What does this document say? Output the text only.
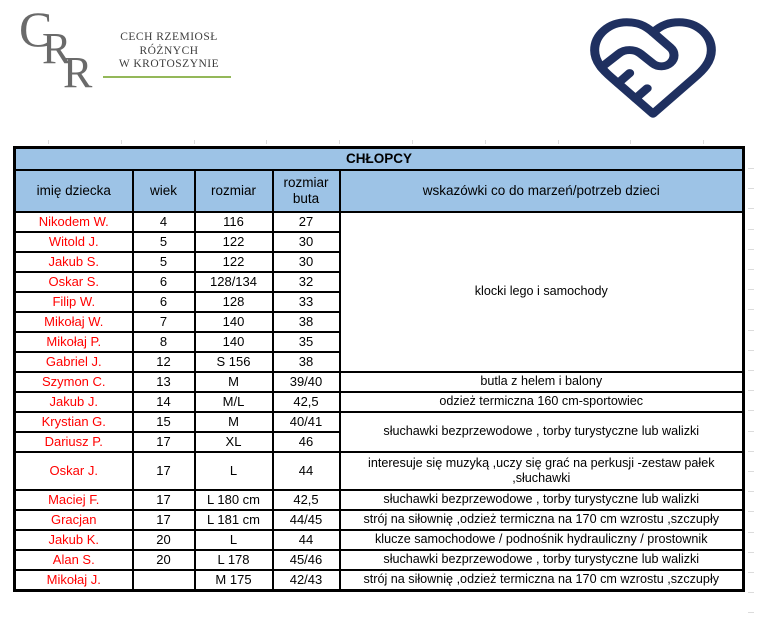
C
R
R
CECH RZEMIOSŁ
RÓŻNYCH
W KROTOSZYNIE
CHŁOPCY				
imię dziecka	wiek	rozmiar	rozmiar buta	wskazówki co do marzeń/potrzeb dzieci
Nikodem W.	4	116	27	klocki lego i samochody
Witold J.	5	122	30	
Jakub S.	5	122	30	
Oskar S.	6	128/134	32	
Filip W.	6	128	33	
Mikołaj W.	7	140	38	
Mikołaj P.	8	140	35	
Gabriel J.	12	S 156	38	
Szymon C.	13	M	39/40	butla z helem i balony
Jakub J.	14	M/L	42,5	odzież termiczna 160 cm-sportowiec
Krystian G.	15	M	40/41	słuchawki bezprzewodowe , torby turystyczne lub walizki
Dariusz P.	17	XL	46	
Oskar J.	17	L	44	interesuje się muzyką ,uczy się grać na perkusji -zestaw pałek ,słuchawki
Maciej F.	17	L 180 cm	42,5	słuchawki bezprzewodowe , torby turystyczne lub walizki
Gracjan	17	L 181 cm	44/45	strój na siłownię ,odzież termiczna na 170 cm wzrostu ,szczupły
Jakub K.	20	L	44	klucze samochodowe / podnośnik hydrauliczny / prostownik
Alan S.	20	L 178	45/46	słuchawki bezprzewodowe , torby turystyczne lub walizki
Mikołaj J.		M 175	42/43	strój na siłownię ,odzież termiczna na 170 cm wzrostu ,szczupły
